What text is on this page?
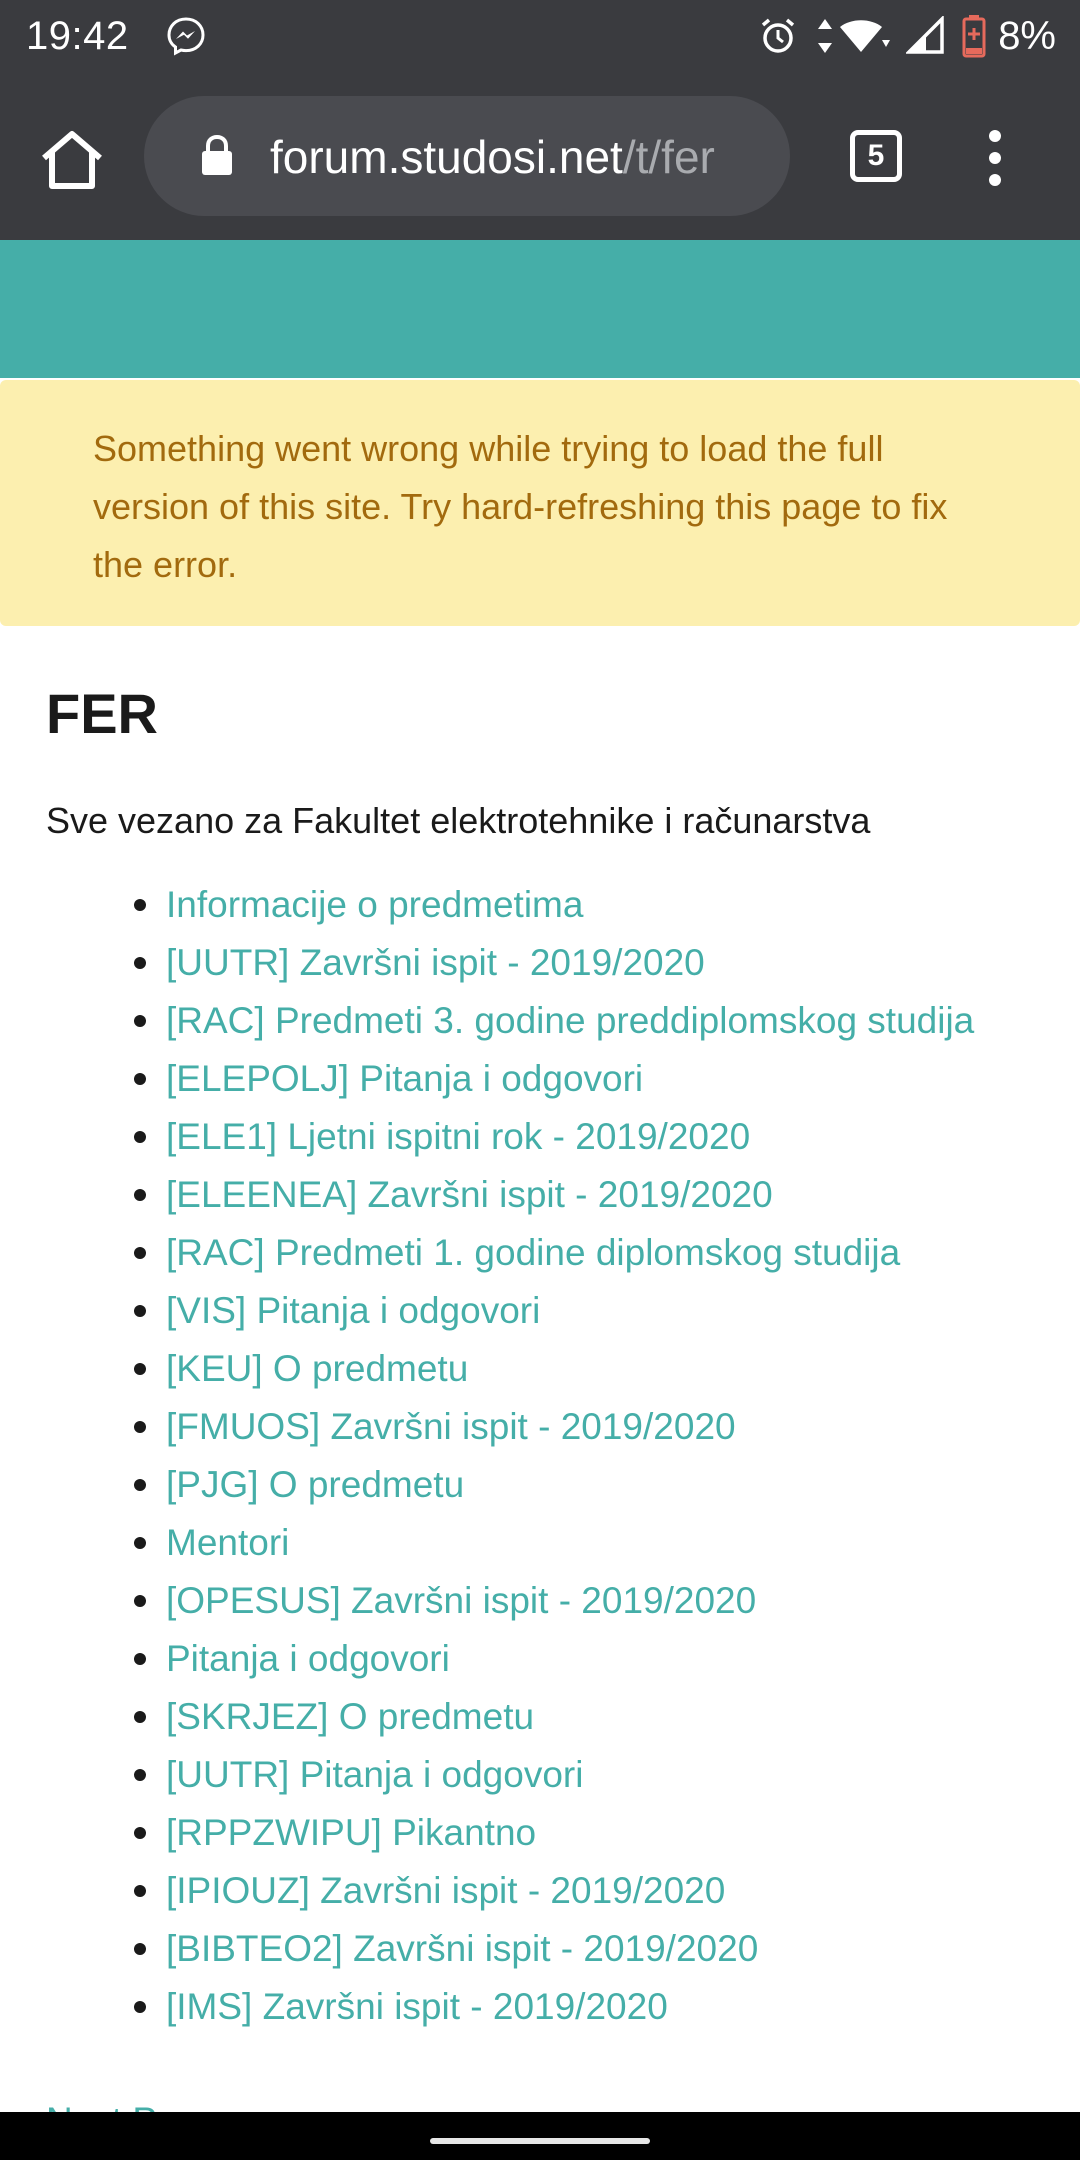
19:42	8%
forum.studosi.net/t/fer	5

Something went wrong while trying to load the full version of this site. Try hard-refreshing this page to fix the error.

FER

Sve vezano za Fakultet elektrotehnike i računarstva

Informacije o predmetima
[UUTR] Završni ispit - 2019/2020
[RAC] Predmeti 3. godine preddiplomskog studija
[ELEPOLJ] Pitanja i odgovori
[ELE1] Ljetni ispitni rok - 2019/2020
[ELEENEA] Završni ispit - 2019/2020
[RAC] Predmeti 1. godine diplomskog studija
[VIS] Pitanja i odgovori
[KEU] O predmetu
[FMUOS] Završni ispit - 2019/2020
[PJG] O predmetu
Mentori
[OPESUS] Završni ispit - 2019/2020
Pitanja i odgovori
[SKRJEZ] O predmetu
[UUTR] Pitanja i odgovori
[RPPZWIPU] Pikantno
[IPIOUZ] Završni ispit - 2019/2020
[BIBTEO2] Završni ispit - 2019/2020
[IMS] Završni ispit - 2019/2020
